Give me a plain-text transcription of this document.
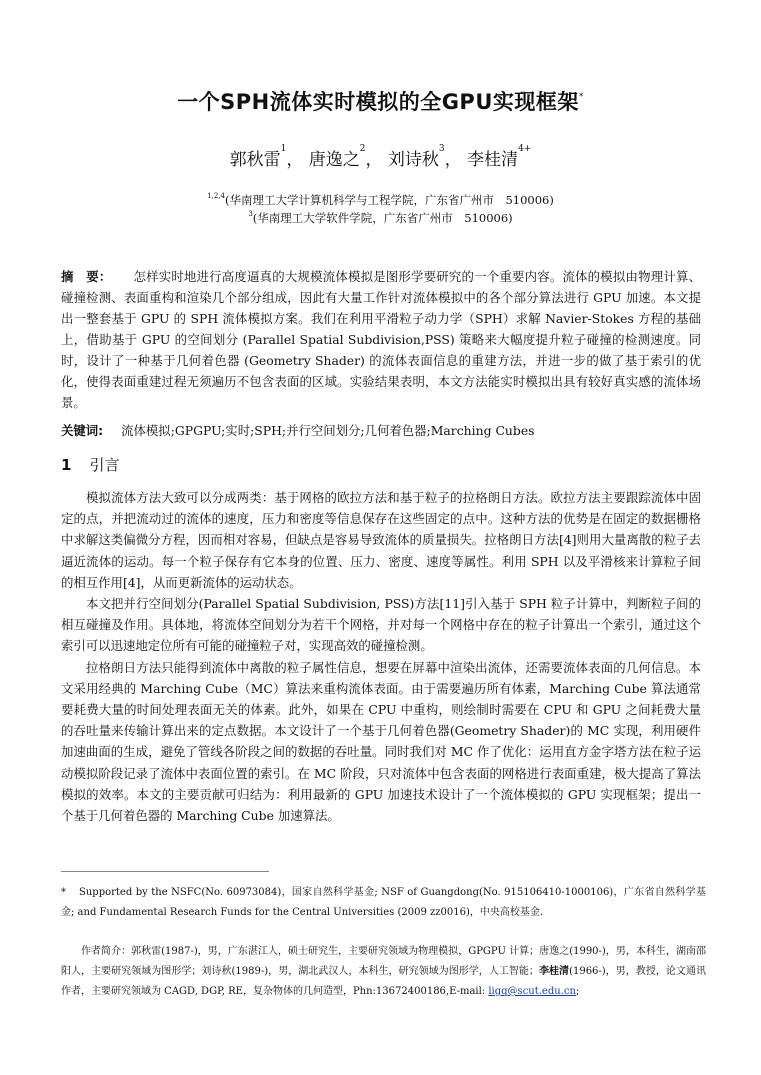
一个SPH流体实时模拟的全GPU实现框架*
郭秋雷$^1$， 唐逸之$^2$， 刘诗秋$^3$， 李桂清$^{4+}$
$^{1,2,4}$(华南理工大学计算机科学与工程学院，广东省广州市　510006)
$^3$(华南理工大学软件学院，广东省广州市　510006)
摘　要： 怎样实时地进行高度逼真的大规模流体模拟是图形学要研究的一个重要内容。流体的模拟由物理计算、碰撞检测、表面重构和渲染几个部分组成，因此有大量工作针对流体模拟中的各个部分算法进行 GPU 加速。本文提出一整套基于 GPU 的 SPH 流体模拟方案。我们在利用平滑粒子动力学（SPH）求解 Navier-Stokes 方程的基础上，借助基于 GPU 的空间划分 (Parallel Spatial Subdivision,PSS) 策略来大幅度提升粒子碰撞的检测速度。同时，设计了一种基于几何着色器 (Geometry Shader) 的流体表面信息的重建方法，并进一步的做了基于索引的优化，使得表面重建过程无须遍历不包含表面的区域。实验结果表明，本文方法能实时模拟出具有较好真实感的流体场景。
关键词: 流体模拟;GPGPU;实时;SPH;并行空间划分;几何着色器;Marching Cubes
1 引言

模拟流体方法大致可以分成两类：基于网格的欧拉方法和基于粒子的拉格朗日方法。欧拉方法主要跟踪流体中固定的点，并把流动过的流体的速度，压力和密度等信息保存在这些固定的点中。这种方法的优势是在固定的数据栅格中求解这类偏微分方程，因而相对容易，但缺点是容易导致流体的质量损失。拉格朗日方法[4]则用大量离散的粒子去逼近流体的运动。每一个粒子保存有它本身的位置、压力、密度、速度等属性。利用 SPH 以及平滑核来计算粒子间的相互作用[4]，从而更新流体的运动状态。

本文把并行空间划分(Parallel Spatial Subdivision, PSS)方法[11]引入基于 SPH 粒子计算中，判断粒子间的相互碰撞及作用。具体地，将流体空间划分为若干个网格，并对每一个网格中存在的粒子计算出一个索引，通过这个索引可以迅速地定位所有可能的碰撞粒子对，实现高效的碰撞检测。

拉格朗日方法只能得到流体中离散的粒子属性信息，想要在屏幕中渲染出流体，还需要流体表面的几何信息。本文采用经典的 Marching Cube（MC）算法来重构流体表面。由于需要遍历所有体素，Marching Cube 算法通常要耗费大量的时间处理表面无关的体素。此外，如果在 CPU 中重构，则绘制时需要在 CPU 和 GPU 之间耗费大量的吞吐量来传输计算出来的定点数据。本文设计了一个基于几何着色器(Geometry Shader)的 MC 实现，利用硬件加速曲面的生成，避免了管线各阶段之间的数据的吞吐量。同时我们对 MC 作了优化：运用直方金字塔方法在粒子运动模拟阶段记录了流体中表面位置的索引。在 MC 阶段，只对流体中包含表面的网格进行表面重建，极大提高了算法模拟的效率。本文的主要贡献可归结为：利用最新的 GPU 加速技术设计了一个流体模拟的 GPU 实现框架；提出一个基于几何着色器的 Marching Cube 加速算法。

* Supported by the NSFC(No. 60973084)，国家自然科学基金; NSF of Guangdong(No. 915106410-1000106)，广东省自然科学基金; and Fundamental Research Funds for the Central Universities (2009 zz0016)，中央高校基金.
作者简介：郭秋雷(1987-)，男，广东湛江人，硕士研究生，主要研究领域为物理模拟，GPGPU 计算；唐逸之(1990-)，男，本科生，湖南邵阳人，主要研究领域为图形学；刘诗秋(1989-)，男，湖北武汉人，本科生，研究领域为图形学，人工智能；李桂清(1966-)，男，教授，论文通讯作者，主要研究领域为 CAGD, DGP, RE，复杂物体的几何造型，Phn:13672400186,E-mail: ligq@scut.edu.cn;
